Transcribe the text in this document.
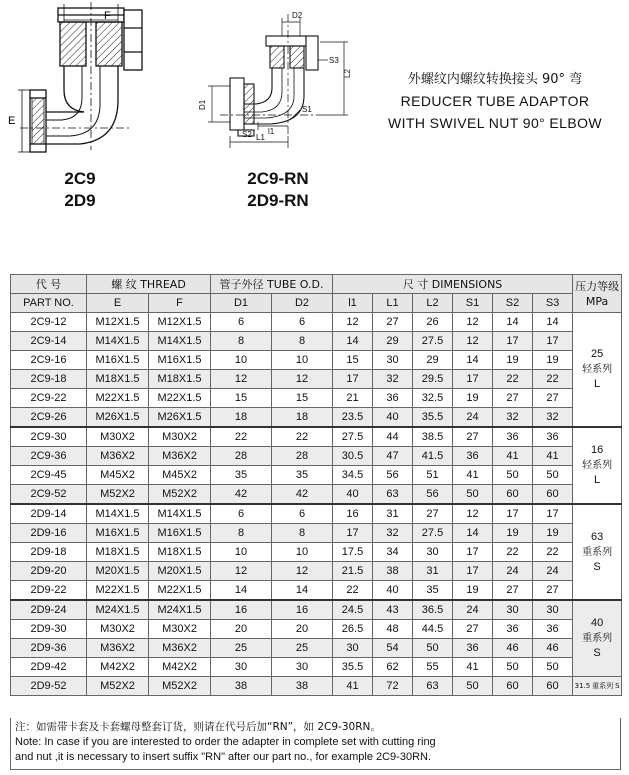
F
E
D2
S3
L2
D1
S2 l1
S1
L1
2C9
2D9
2C9-RN
2D9-RN
外螺纹内螺纹转换接头 90° 弯
REDUCER TUBE ADAPTOR
WITH SWIVEL NUT 90° ELBOW
代 号	螺 纹 THREAD		管子外径 TUBE O.D.		尺 寸 DIMENSIONS						压力等级 MPa
PART NO.	E	F	D1	D2	l1	L1	L2	S1	S2	S3	
2C9-12	M12X1.5	M12X1.5	6	6	12	27	26	12	14	14	25
轻系列
L

2C9-14	M14X1.5	M14X1.5	8	8	14	29	27.5	12	17	17	
2C9-16	M16X1.5	M16X1.5	10	10	15	30	29	14	19	19	
2C9-18	M18X1.5	M18X1.5	12	12	17	32	29.5	17	22	22	
2C9-22	M22X1.5	M22X1.5	15	15	21	36	32.5	19	27	27	
2C9-26	M26X1.5	M26X1.5	18	18	23.5	40	35.5	24	32	32	
2C9-30	M30X2	M30X2	22	22	27.5	44	38.5	27	36	36	16
轻系列
L

2C9-36	M36X2	M36X2	28	28	30.5	47	41.5	36	41	41	
2C9-45	M45X2	M45X2	35	35	34.5	56	51	41	50	50	
2C9-52	M52X2	M52X2	42	42	40	63	56	50	60	60	
2D9-14	M14X1.5	M14X1.5	6	6	16	31	27	12	17	17	63
重系列
S

2D9-16	M16X1.5	M16X1.5	8	8	17	32	27.5	14	19	19	
2D9-18	M18X1.5	M18X1.5	10	10	17.5	34	30	17	22	22	
2D9-20	M20X1.5	M20X1.5	12	12	21.5	38	31	17	24	24	
2D9-22	M22X1.5	M22X1.5	14	14	22	40	35	19	27	27	
2D9-24	M24X1.5	M24X1.5	16	16	24.5	43	36.5	24	30	30	40
重系列
S

2D9-30	M30X2	M30X2	20	20	26.5	48	44.5	27	36	36	
2D9-36	M36X2	M36X2	25	25	30	54	50	36	46	46	
2D9-42	M42X2	M42X2	30	30	35.5	62	55	41	50	50	
2D9-52	M52X2	M52X2	38	38	41	72	63	50	60	60	31.5 重系列 S
注：如需带卡套及卡套螺母整套订货，则请在代号后加“RN”，如 2C9-30RN。
Note: In case if you are interested to order the adapter in complete set with cutting ring
and nut ,it is necessary to insert suffix "RN" after our part no., for example 2C9-30RN.
